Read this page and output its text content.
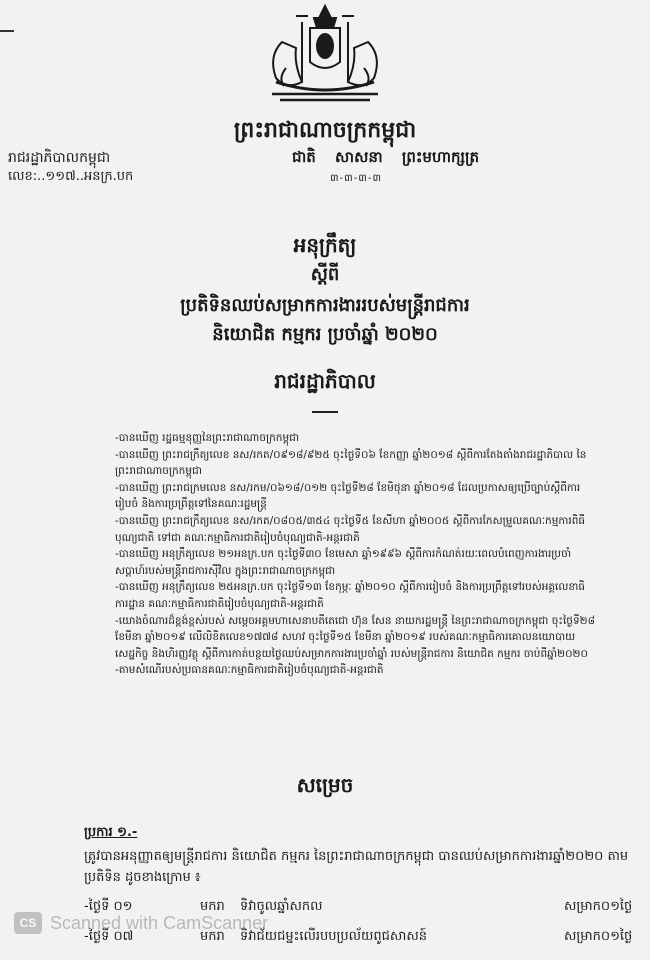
ព្រះរាជាណាចក្រកម្ពុជា
រាជរដ្ឋាភិបាលកម្ពុជា	ជាតិ សាសនា ព្រះមហាក្សត្រ
លេខ:..១១៧..អនក្រ.បក	៣-៣-៣-៣
អនុក្រឹត្យ
ស្តីពី
ប្រតិទិនឈប់សម្រាកការងាររបស់មន្ត្រីរាជការ
និយោជិត កម្មករ ប្រចាំឆ្នាំ ២០២០
រាជរដ្ឋាភិបាល
-បានឃើញ រដ្ឋធម្មនុញ្ញនៃព្រះរាជាណាចក្រកម្ពុជា
-បានឃើញ ព្រះរាជក្រឹត្យលេខ នស/រកត/០៩១៨/៩២៥ ចុះថ្ងៃទី០៦ ខែកញ្ញា ឆ្នាំ២០១៨ ស្តីពីការតែងតាំងរាជរដ្ឋាភិបាល នៃព្រះរាជាណាចក្រកម្ពុជា
-បានឃើញ ព្រះរាជក្រមលេខ នស/រកម/០៦១៨/០១២ ចុះថ្ងៃទី២៨ ខែមិថុនា ឆ្នាំ២០១៨ ដែលប្រកាសឲ្យប្រើច្បាប់ស្តីពីការរៀបចំ និងការប្រព្រឹត្តទៅនៃគណៈរដ្ឋមន្ត្រី
-បានឃើញ ព្រះរាជក្រឹត្យលេខ នស/រកត/០៨០៥/៣៥៤ ចុះថ្ងៃទី៥ ខែសីហា ឆ្នាំ២០០៥ ស្តីពីការកែសម្រួលគណៈកម្មការពិធីបុណ្យជាតិ ទៅជា គណៈកម្មាធិការជាតិរៀបចំបុណ្យជាតិ-អន្តរជាតិ
-បានឃើញ អនុក្រឹត្យលេខ ២១អនក្រ.បក ចុះថ្ងៃទី៣០ ខែមេសា ឆ្នាំ១៩៩៦ ស្តីពីការកំណត់រយៈពេលបំពេញការងារប្រចាំសប្តាហ៍របស់មន្ត្រីរាជការស៊ីវិល ក្នុងព្រះរាជាណាចក្រកម្ពុជា
-បានឃើញ អនុក្រឹត្យលេខ ២៥អនក្រ.បក ចុះថ្ងៃទី១៣ ខែកុម្ភៈ ឆ្នាំ២០១០ ស្តីពីការរៀបចំ និងការប្រព្រឹត្តទៅរបស់អគ្គលេខាធិការដ្ឋាន គណៈកម្មាធិការជាតិរៀបចំបុណ្យជាតិ-អន្តរជាតិ
-យោងចំណារដ៏ខ្ពង់ខ្ពស់របស់ សម្តេចអគ្គមហាសេនាបតីតេជោ ហ៊ុន សែន នាយករដ្ឋមន្ត្រី នៃព្រះរាជាណាចក្រកម្ពុជា ចុះថ្ងៃទី២៨ ខែមីនា ឆ្នាំ២០១៩ លើលិខិតលេខ១៧៧៨ សហវ ចុះថ្ងៃទី១៥ ខែមីនា ឆ្នាំ២០១៩ របស់គណៈកម្មាធិការគោលនយោបាយសេដ្ឋកិច្ច និងហិរញ្ញវត្ថុ ស្តីពីការកាត់បន្ថយថ្ងៃឈប់សម្រាកការងារប្រចាំឆ្នាំ របស់មន្ត្រីរាជការ និយោជិត កម្មករ ចាប់ពីឆ្នាំ២០២០
-តាមសំណើរបស់ប្រធានគណៈកម្មាធិការជាតិរៀបចំបុណ្យជាតិ-អន្តរជាតិ
សម្រេច
ប្រការ ១.-
ត្រូវបានអនុញ្ញាតឲ្យមន្ត្រីរាជការ និយោជិត កម្មករ នៃព្រះរាជាណាចក្រកម្ពុជា បានឈប់សម្រាកការងារឆ្នាំ២០២០ តាមប្រតិទិន ដូចខាងក្រោម ៖
-ថ្ងៃទី ០១	មករា ទិវាចូលឆ្នាំសកល	សម្រាក០១ថ្ងៃ
-ថ្ងៃទី ០៧	មករា ទិវាជ័យជម្នះលើរបបប្រល័យពូជសាសន៍	សម្រាក០១ថ្ងៃ
CS Scanned with CamScanner
